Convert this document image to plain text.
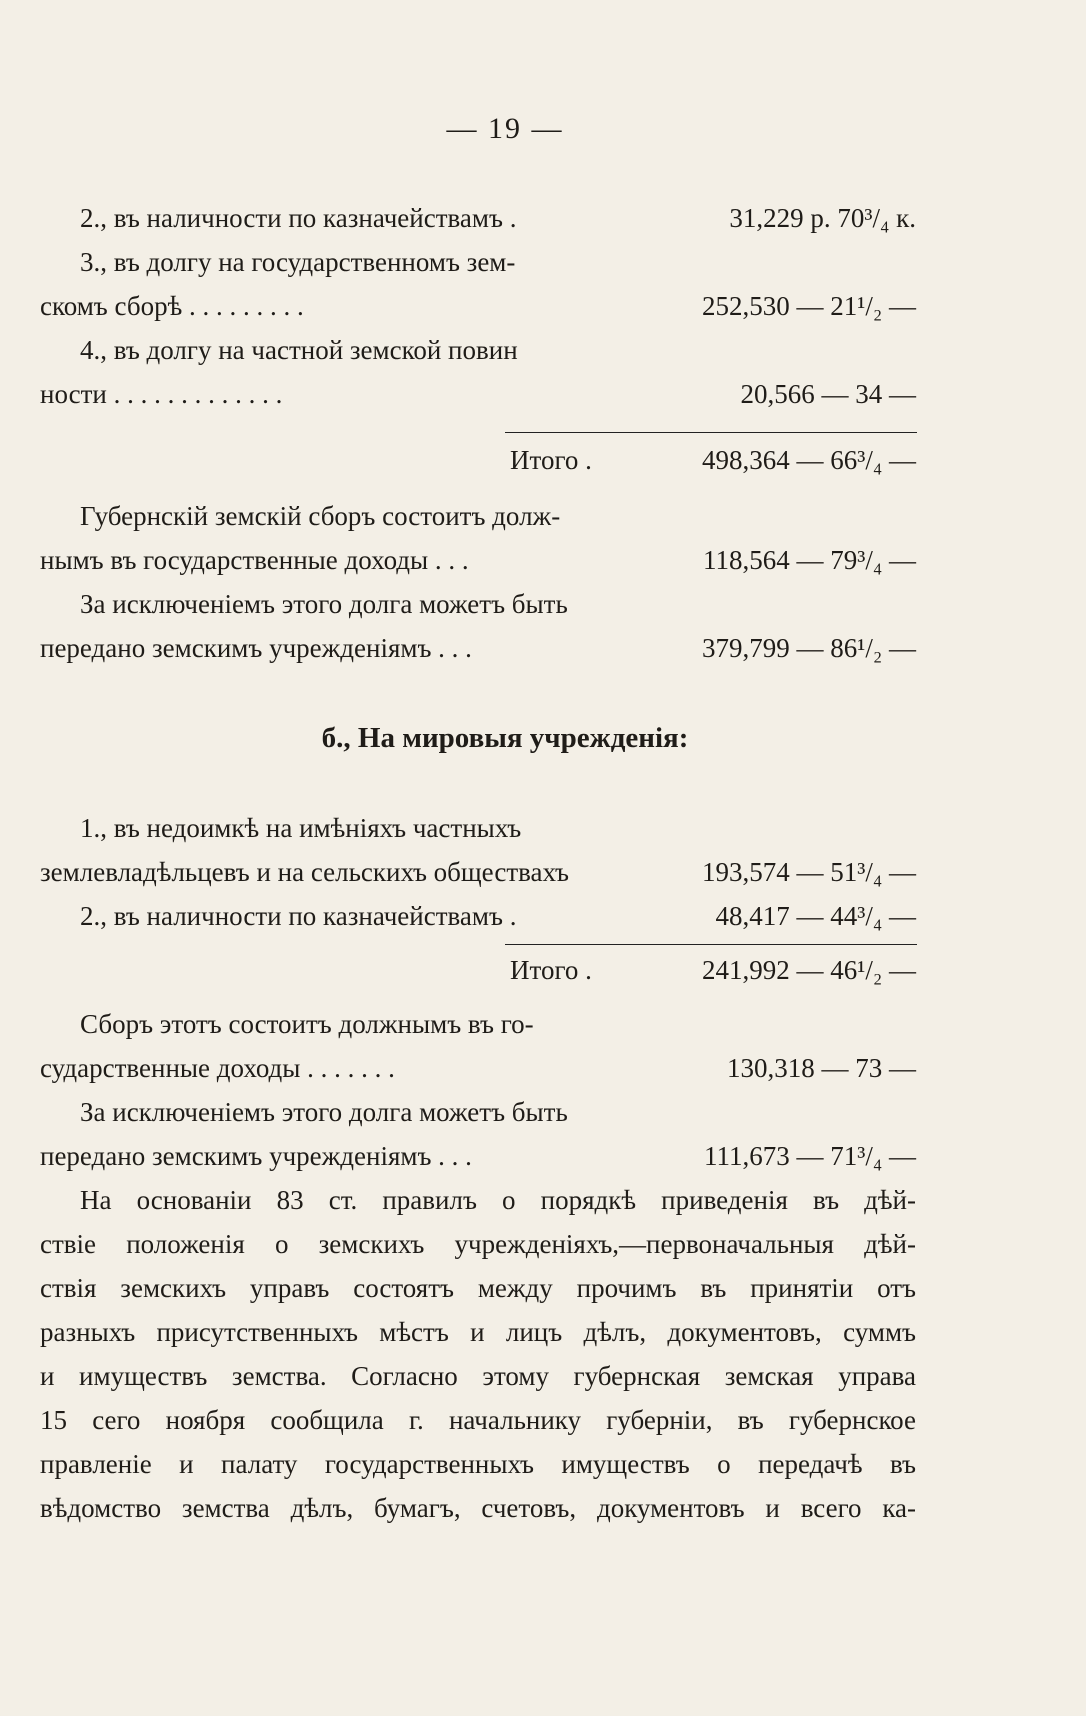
— 19 —
2., въ наличности по казначействамъ .	31,229 р. 70³/₄ к.
3., въ долгу на государственномъ зем-
скомъ сборѣ . . . . . . . . .	252,530 — 21¹/₂ —
4., въ долгу на частной земской повин
ности . . . . . . . . . . . . .	20,566 — 34 —
Итого .	498,364 — 66³/₄ —
Губернскій земскій сборъ состоитъ долж-
нымъ въ государственные доходы . . .	118,564 — 79³/₄ —
За исключеніемъ этого долга можетъ быть
передано земскимъ учрежденіямъ . . .	379,799 — 86¹/₂ —
б., На мировыя учрежденія:
1., въ недоимкѣ на имѣніяхъ частныхъ
землевладѣльцевъ и на сельскихъ обществахъ	193,574 — 51³/₄ —
2., въ наличности по казначействамъ .	48,417 — 44³/₄ —
Итого .	241,992 — 46¹/₂ —
Сборъ этотъ состоитъ должнымъ въ го-
сударственные доходы . . . . . . .	130,318 — 73 —
За исключеніемъ этого долга можетъ быть
передано земскимъ учрежденіямъ . . .	111,673 — 71³/₄ —
На основаніи 83 ст. правилъ о порядкѣ приведенія въ дѣй-
ствіе положенія о земскихъ учрежденіяхъ,—первоначальныя дѣй-
ствія земскихъ управъ состоятъ между прочимъ въ принятіи отъ
разныхъ присутственныхъ мѣстъ и лицъ дѣлъ, документовъ, суммъ
и имуществъ земства. Согласно этому губернская земская управа
15 сего ноября сообщила г. начальнику губерніи, въ губернское
правленіе и палату государственныхъ имуществъ о передачѣ въ
вѣдомство земства дѣлъ, бумагъ, счетовъ, документовъ и всего ка-
